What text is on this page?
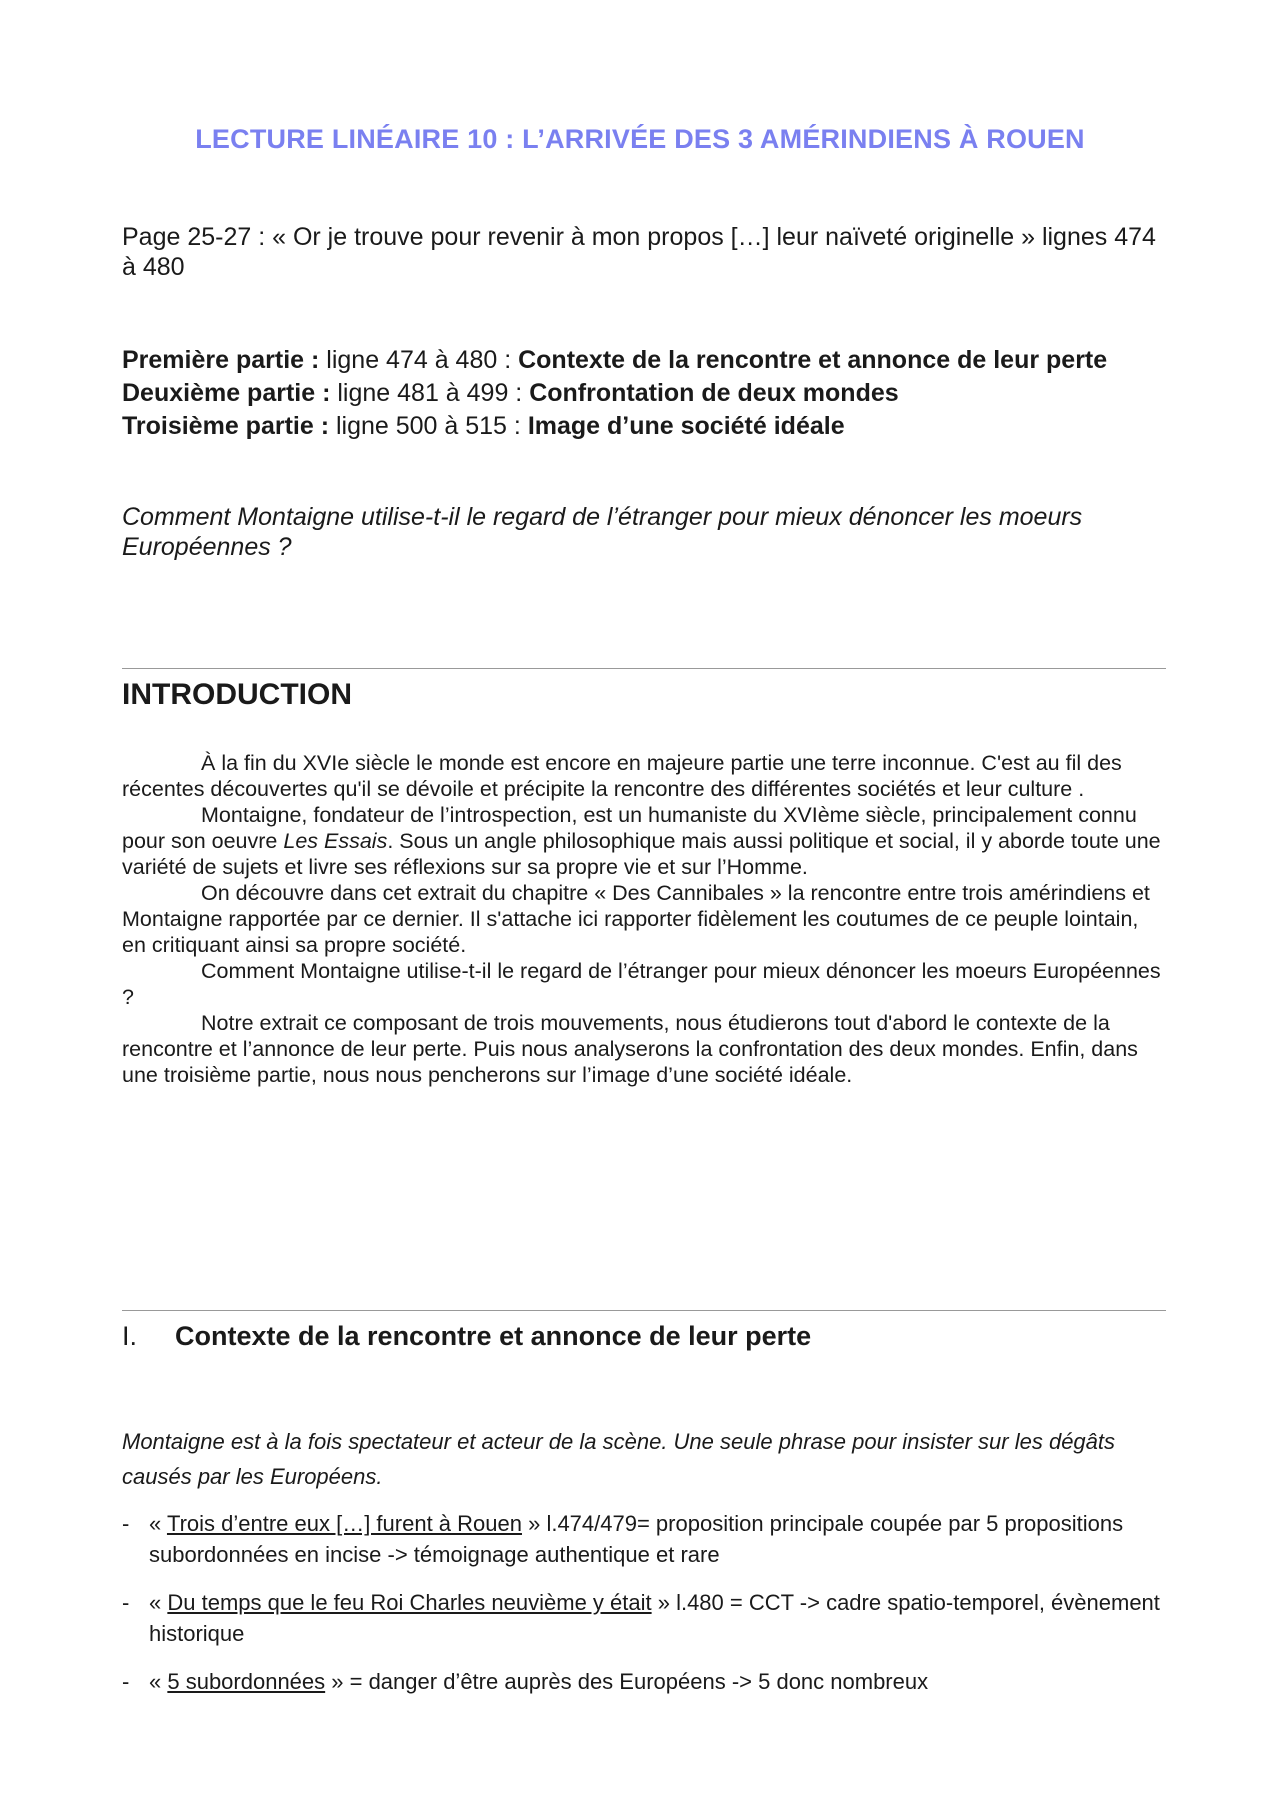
LECTURE LINÉAIRE 10 : L’ARRIVÉE DES 3 AMÉRINDIENS À ROUEN
Page 25-27 : « Or je trouve pour revenir à mon propos […] leur naïveté originelle » lignes 474 à 480
Première partie : ligne 474 à 480 : Contexte de la rencontre et annonce de leur perte
Deuxième partie : ligne 481 à 499 : Confrontation de deux mondes
Troisième partie : ligne 500 à 515 : Image d’une société idéale
Comment Montaigne utilise-t-il le regard de l’étranger pour mieux dénoncer les moeurs Européennes ?
INTRODUCTION

À la fin du XVIe siècle le monde est encore en majeure partie une terre inconnue. C'est au fil des récentes découvertes qu'il se dévoile et précipite la rencontre des différentes sociétés et leur culture .

Montaigne, fondateur de l’introspection, est un humaniste du XVIème siècle, principalement connu pour son oeuvre Les Essais. Sous un angle philosophique mais aussi politique et social, il y aborde toute une variété de sujets et livre ses réflexions sur sa propre vie et sur l’Homme.

On découvre dans cet extrait du chapitre « Des Cannibales » la rencontre entre trois amérindiens et Montaigne rapportée par ce dernier. Il s'attache ici rapporter fidèlement les coutumes de ce peuple lointain, en critiquant ainsi sa propre société.

Comment Montaigne utilise-t-il le regard de l’étranger pour mieux dénoncer les moeurs Européennes ?

Notre extrait ce composant de trois mouvements, nous étudierons tout d'abord le contexte de la rencontre et l’annonce de leur perte. Puis nous analyserons la confrontation des deux mondes. Enfin, dans une troisième partie, nous nous pencherons sur l’image d’une société idéale.

I. Contexte de la rencontre et annonce de leur perte
Montaigne est à la fois spectateur et acteur de la scène. Une seule phrase pour insister sur les dégâts causés par les Européens.
- « Trois d’entre eux […] furent à Rouen » l.474/479= proposition principale coupée par 5 propositions subordonnées en incise -> témoignage authentique et rare
- « Du temps que le feu Roi Charles neuvième y était » l.480 = CCT -> cadre spatio-temporel, évènement historique
- « 5 subordonnées » = danger d’être auprès des Européens -> 5 donc nombreux
